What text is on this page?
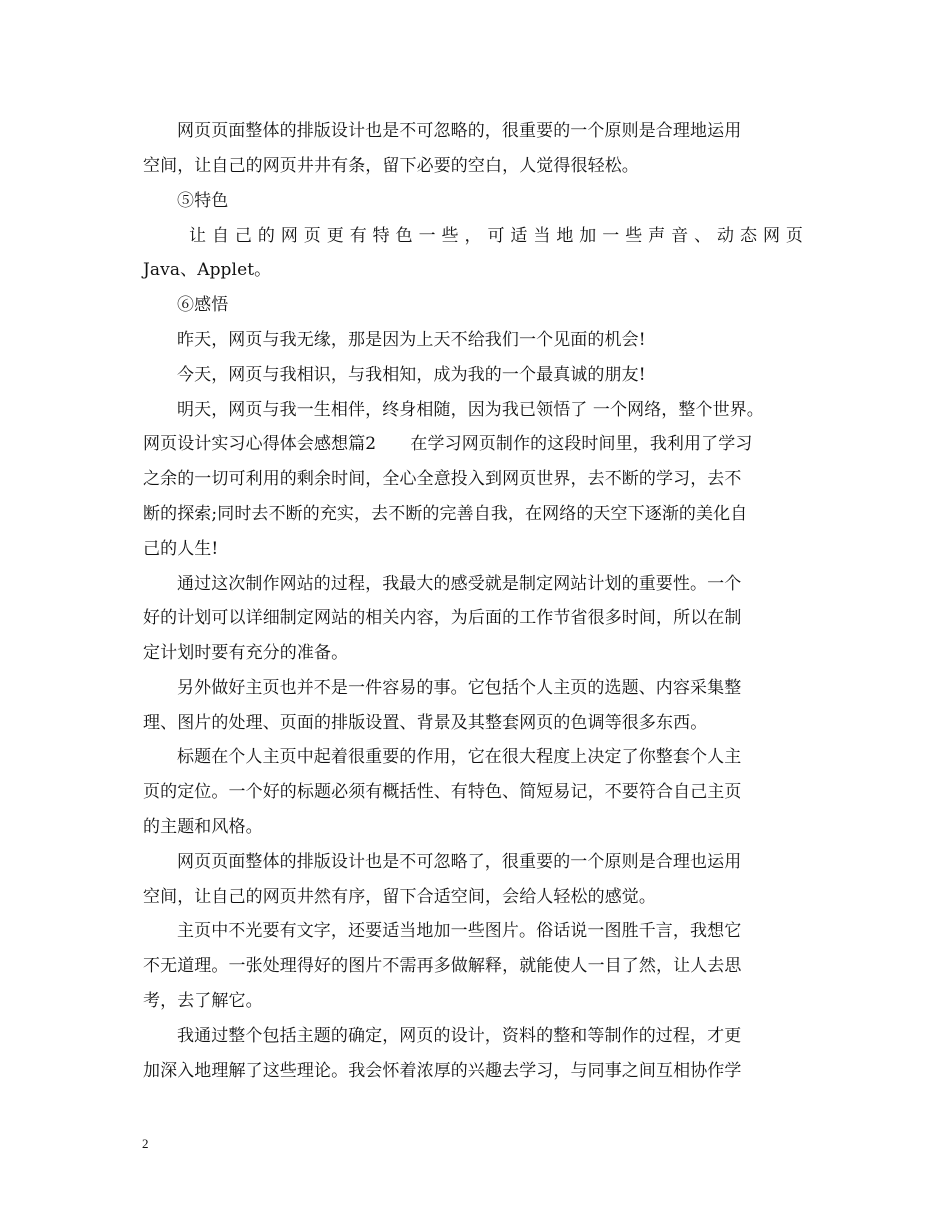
网页页面整体的排版设计也是不可忽略的，很重要的一个原则是合理地运用
空间，让自己的网页井井有条，留下必要的空白，人觉得很轻松。
⑤特色
让自己的网页更有特色一些，可适当地加一些声音、动态网页
Java、Applet。
⑥感悟
昨天，网页与我无缘，那是因为上天不给我们一个见面的机会!
今天，网页与我相识，与我相知，成为我的一个最真诚的朋友!
明天，网页与我一生相伴，终身相随，因为我已领悟了 一个网络，整个世界。
网页设计实习心得体会感想篇2　　在学习网页制作的这段时间里，我利用了学习
之余的一切可利用的剩余时间，全心全意投入到网页世界，去不断的学习，去不
断的探索;同时去不断的充实，去不断的完善自我，在网络的天空下逐渐的美化自
己的人生!
通过这次制作网站的过程，我最大的感受就是制定网站计划的重要性。一个
好的计划可以详细制定网站的相关内容，为后面的工作节省很多时间，所以在制
定计划时要有充分的准备。
另外做好主页也并不是一件容易的事。它包括个人主页的选题、内容采集整
理、图片的处理、页面的排版设置、背景及其整套网页的色调等很多东西。
标题在个人主页中起着很重要的作用，它在很大程度上决定了你整套个人主
页的定位。一个好的标题必须有概括性、有特色、简短易记，不要符合自己主页
的主题和风格。
网页页面整体的排版设计也是不可忽略了，很重要的一个原则是合理也运用
空间，让自己的网页井然有序，留下合适空间，会给人轻松的感觉。
主页中不光要有文字，还要适当地加一些图片。俗话说一图胜千言，我想它
不无道理。一张处理得好的图片不需再多做解释，就能使人一目了然，让人去思
考，去了解它。
我通过整个包括主题的确定，网页的设计，资料的整和等制作的过程，才更
加深入地理解了这些理论。我会怀着浓厚的兴趣去学习，与同事之间互相协作学
2
